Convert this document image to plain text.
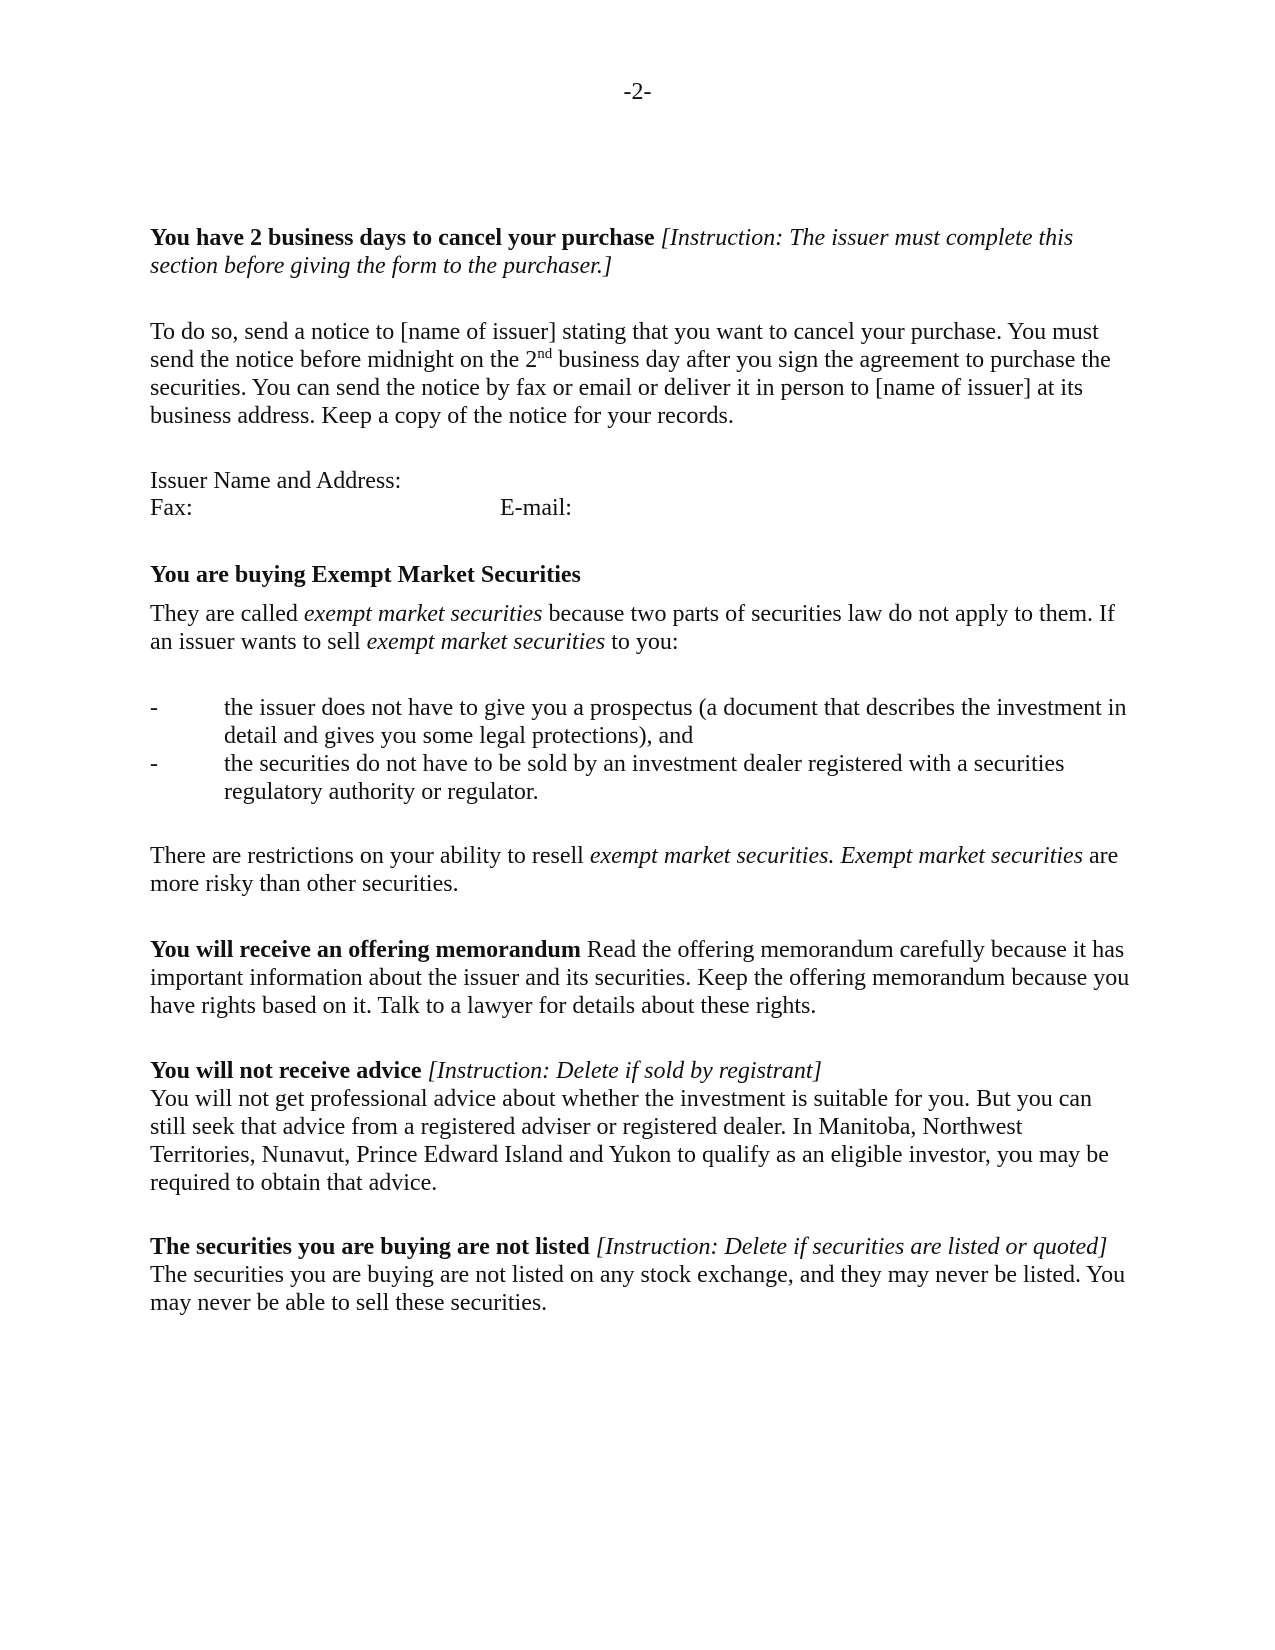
-2-
You have 2 business days to cancel your purchase [Instruction: The issuer must complete this section before giving the form to the purchaser.]
To do so, send a notice to [name of issuer] stating that you want to cancel your purchase. You must send the notice before midnight on the 2nd business day after you sign the agreement to purchase the securities. You can send the notice by fax or email or deliver it in person to [name of issuer] at its business address. Keep a copy of the notice for your records.
Issuer Name and Address:
Fax:	E-mail:
You are buying Exempt Market Securities
They are called exempt market securities because two parts of securities law do not apply to them. If an issuer wants to sell exempt market securities to you:
-	the issuer does not have to give you a prospectus (a document that describes the investment in detail and gives you some legal protections), and
-	the securities do not have to be sold by an investment dealer registered with a securities regulatory authority or regulator.
There are restrictions on your ability to resell exempt market securities. Exempt market securities are more risky than other securities.
You will receive an offering memorandum Read the offering memorandum carefully because it has important information about the issuer and its securities. Keep the offering memorandum because you have rights based on it. Talk to a lawyer for details about these rights.
You will not receive advice [Instruction: Delete if sold by registrant]
You will not get professional advice about whether the investment is suitable for you. But you can still seek that advice from a registered adviser or registered dealer. In Manitoba, Northwest Territories, Nunavut, Prince Edward Island and Yukon to qualify as an eligible investor, you may be required to obtain that advice.
The securities you are buying are not listed [Instruction: Delete if securities are listed or quoted]
The securities you are buying are not listed on any stock exchange, and they may never be listed. You may never be able to sell these securities.
